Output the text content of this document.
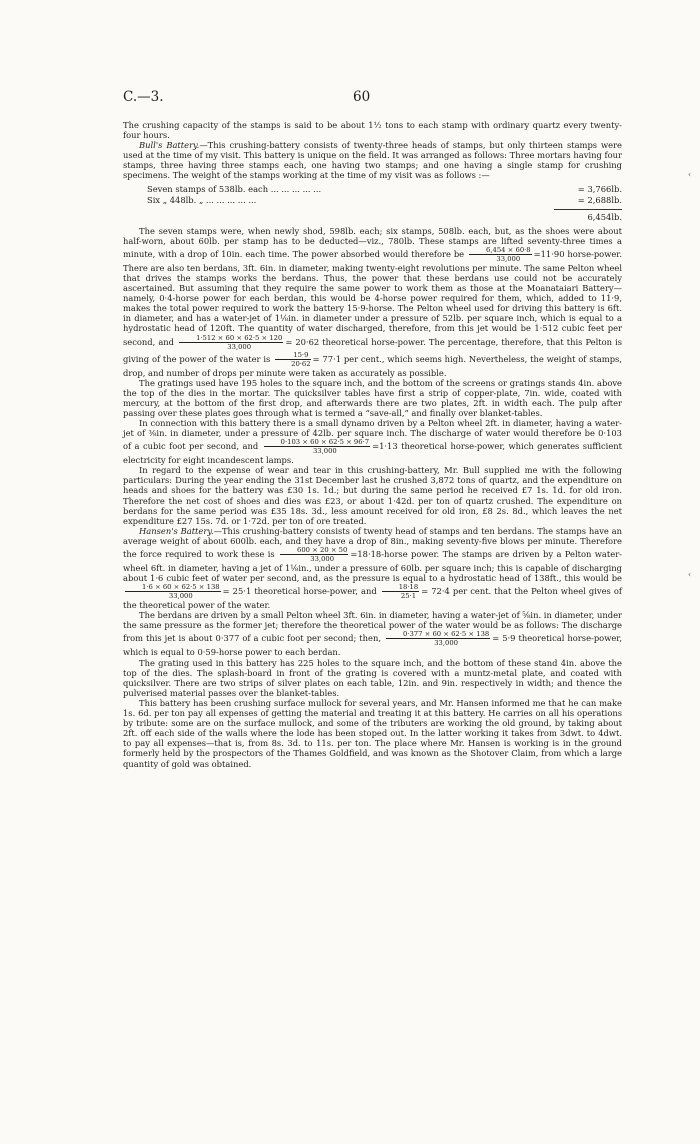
C.—3.	60
‹
‹

The crushing capacity of the stamps is said to be about 1½ tons to each stamp with ordinary quartz every twenty-four hours.

Bull's Battery.—This crushing-battery consists of twenty-three heads of stamps, but only thirteen stamps were used at the time of my visit. This battery is unique on the field. It was arranged as follows: Three mortars having four stamps, three having three stamps each, one having two stamps; and one having a single stamp for crushing specimens. The weight of the stamps working at the time of my visit was as follows :—

Seven stamps of 538lb. each ... ... ... ... ...	= 3,766lb.
Six „ 448lb. „ ... ... ... ... ...	= 2,688lb.
6,454lb.

The seven stamps were, when newly shod, 598lb. each; six stamps, 508lb. each, but, as the shoes were about half-worn, about 60lb. per stamp has to be deducted—viz., 780lb. These stamps are lifted seventy-three times a minute, with a drop of 10in. each time. The power absorbed would therefore be $\frac{6,454 \times 60\cdot 8}{33,000} =11\cdot 90$ horse-power. There are also ten berdans, 3ft. 6in. in diameter, making twenty-eight revolutions per minute. The same Pelton wheel that drives the stamps works the berdans. Thus, the power that these berdans use could not be accurately ascertained. But assuming that they require the same power to work them as those at the Moanataiari Battery—namely, 0·4-horse power for each berdan, this would be 4-horse power required for them, which, added to 11·9, makes the total power required to work the battery 15·9-horse. The Pelton wheel used for driving this battery is 6ft. in diameter, and has a water-jet of 1⅛in. in diameter under a pressure of 52lb. per square inch, which is equal to a hydrostatic head of 120ft. The quantity of water discharged, therefore, from this jet would be 1·512 cubic feet per second, and $\frac{1\cdot 512 \times 60 \times 62\cdot 5 \times 120}{33,000} = 20\cdot 62$ theoretical horse-power. The percentage, therefore, that this Pelton is giving of the power of the water is $\frac{15\cdot 9}{20\cdot 62} = 77\cdot 1$ per cent., which seems high. Nevertheless, the weight of stamps, drop, and number of drops per minute were taken as accurately as possible.

The gratings used have 195 holes to the square inch, and the bottom of the screens or gratings stands 4in. above the top of the dies in the mortar. The quicksilver tables have first a strip of copper-plate, 7in. wide, coated with mercury, at the bottom of the first drop, and afterwards there are two plates, 2ft. in width each. The pulp after passing over these plates goes through what is termed a “save-all,” and finally over blanket-tables.

In connection with this battery there is a small dynamo driven by a Pelton wheel 2ft. in diameter, having a water-jet of ⅜in. in diameter, under a pressure of 42lb. per square inch. The discharge of water would therefore be 0·103 of a cubic foot per second, and $\frac{0\cdot 103 \times 60 \times 62\cdot 5 \times 96\cdot 7}{33,000} =1\cdot 13$ theoretical horse-power, which generates sufficient electricity for eight incandescent lamps.

In regard to the expense of wear and tear in this crushing-battery, Mr. Bull supplied me with the following particulars: During the year ending the 31st December last he crushed 3,872 tons of quartz, and the expenditure on heads and shoes for the battery was £30 1s. 1d.; but during the same period he received £7 1s. 1d. for old iron. Therefore the net cost of shoes and dies was £23, or about 1·42d. per ton of quartz crushed. The expenditure on berdans for the same period was £35 18s. 3d., less amount received for old iron, £8 2s. 8d., which leaves the net expenditure £27 15s. 7d. or 1·72d. per ton of ore treated.

Hansen's Battery.—This crushing-battery consists of twenty head of stamps and ten berdans. The stamps have an average weight of about 600lb. each, and they have a drop of 8in., making seventy-five blows per minute. Therefore the force required to work these is $\frac{600 \times 20 \times 50}{33,000}$ =18·18-horse power. The stamps are driven by a Pelton water-wheel 6ft. in diameter, having a jet of 1⅛in., under a pressure of 60lb. per square inch; this is capable of discharging about 1·6 cubic feet of water per second, and, as the pressure is equal to a hydrostatic head of 138ft., this would be
$\frac{1\cdot 6 \times 60 \times 62\cdot 5 \times 138}{33,000} = 25\cdot 1$ theoretical horse-power, and $\frac{18\cdot 18}{25\cdot 1} = 72\cdot 4$ per cent. that the Pelton wheel gives of the theoretical power of the water.

The berdans are driven by a small Pelton wheel 3ft. 6in. in diameter, having a water-jet of ⅝in. in diameter, under the same pressure as the former jet; therefore the theoretical power of the water would be as follows: The discharge from this jet is about 0·377 of a cubic foot per second; then, $\frac{0\cdot 377 \times 60 \times 62\cdot 5 \times 138}{33,000} = 5\cdot 9$ theoretical horse-power, which is equal to 0·59-horse power to each berdan.

The grating used in this battery has 225 holes to the square inch, and the bottom of these stand 4in. above the top of the dies. The splash-board in front of the grating is covered with a muntz-metal plate, and coated with quicksilver. There are two strips of silver plates on each table, 12in. and 9in. respectively in width; and thence the pulverised material passes over the blanket-tables.

This battery has been crushing surface mullock for several years, and Mr. Hansen informed me that he can make 1s. 6d. per ton pay all expenses of getting the material and treating it at this battery. He carries on all his operations by tribute: some are on the surface mullock, and some of the tributers are working the old ground, by taking about 2ft. off each side of the walls where the lode has been stoped out. In the latter working it takes from 3dwt. to 4dwt. to pay all expenses—that is, from 8s. 3d. to 11s. per ton. The place where Mr. Hansen is working is in the ground formerly held by the prospectors of the Thames Goldfield, and was known as the Shotover Claim, from which a large quantity of gold was obtained.
